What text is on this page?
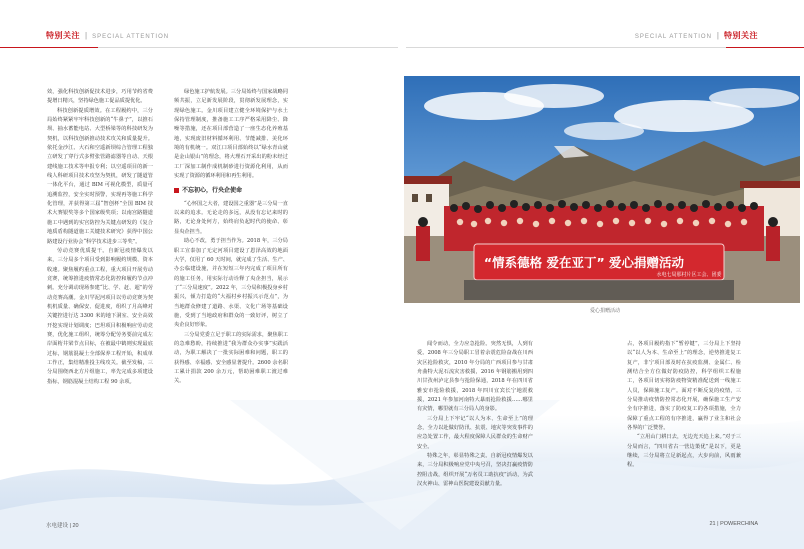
特别关注 | SPECIAL ATTENTION	SPECIAL ATTENTION | 特别关注

效，强化科技创新促技术进步，巧用节约省费提增日精兴，坚持绿色施工促品质提优化。

科技创新提质增效。在工程履约中，三分局始终紧紧牢牢科技创新的“牛鼻子”，以推石坝、抽水蓄能电站、大型桥梁等的科技研发为契机，以科技创新推动技术攻关和质量提升。依托金沙江、大石和空遥新坝综合管理工程独立研发了穿行式多臂张管路滤器等自动、天根建线施工技术等申报专利；以空遥项目的新一线人科研项目技术攻坚为契机，研发了隧道管一体化平台，通过 BIM 可视化模型，质量可追溯监控，安全实时预警，实现再等施工科学化管理，并获得第三届“智创杯”全国 BIM 技术大赛银奖等多个国家级奖项；以南宫路隧道施工中遇到的实宫防控为关键点研发的《复合地质盾构隧道施工关键技术研究》获得中国公路建设行业协会“科学技术进步三等奖”。

劳动竞赛优质提干。自新冠疫情爆发以来，三分局多个项目受到影响履约规模、资本收速。聚焦履约重点工程，重大项目开展劳动竞赛，统筹推进疫情常态化防控和履约节点冲刺。充分调动现场参建“比、学、赶、超”的劳动竞赛高潮。金川罕泥河项目以劳动竞赛为契机机质量、确保安、促进度，组织了月高峰对关键控进行达 3300 米的地下洞室、安全高效开挖实现计划调度；巴坦项目积极响应劳动竞赛，优化施工组织，统筹分配劳务要前完成左岸面桁井梁节点目标，在被最中鹤则实现最底过标，钢筋混凝土全部保养工程开始，积成单工作正，集结精准投主线攻关。截至发稿，三分局围绕西北方片组施工，率先完成多项建设指标，钢筋混凝土结构工程 90 余项。

绿色施工护航发展。三分局始终与国家战略同频共振，立足新发展阶段，贯彻新发展理念，实现绿色施工。金川项目建立健全环境保护与水土保持管理制度，推备施工工序严格采用降尘、降噪等措施，还在项目部营造了一座生态化养殖基地，实现废旧材料循环利用、节能减排、美化环境的有机统一。双江口项目部始终以“绿水青山就是金山银山”的理念，将大理石开采出的粉末经过工厂深加工制作成机制砂进行资源化利用，从而实现了资源的循环利用和再生利用。

不忘初心，行央企使命

“心怀国之大者，建设国之重器”是三分局一直以来的追求。无论走的多远，从没有忘记来时的路，无论身处何方，始终肩负起时代的使命、彰显央企担当。

助心不改，勇于担当作为。2018 年，三分局职工宣泰加了无定河项目建设了恩泽高效的地面大学，仅用了 60 天时间，就完成了生活、生产、办公临建设施，并在短短三年内完成了项目所有的施工任务，用实际行动诠释了央企担当，展示了“三分局速度”。2022 年，三分局积极投身乡村振兴，倾力打造的“大福村乡村振兴示范点”，为当地群众修建了道路、水渠、文化广场等基础设施，受到了当地政府和群众的一致好评，树立了央企良好形象。

三分局党委立足于职工的实际需求，聚焦职工的急难愁盼，持续推进“我为群众办实事”实践活动，为职工解决了一批实际困难和问题，职工的获得感、幸福感、安全感显著提升。2600 余名职工累计捐款 200 余万元，帮助困难职工渡过难关。

“情系德格 爱在亚丁” 爱心捐赠活动
水电七局那村片区工会、团委
爱心捐赠活动

闻令而动，全力应急抢险。突然无惧，人到有爱。2008 年三分局职工冒着余震危险奋战在川西灾区抢险救灾，2010 年分局的广西项目参与甘肃舟曲特大泥石流灾害救援，2016 年钢筋搬用到四川甘孜州泸定县参与抢险保通，2018 年在四川省雅安市抢险救援，2018 年四川宜宾长宁地震救援，2021 年参加河南特大暴雨抢险救援……哪里有灾情，哪里就有三分局人的身影。

三分局上下牢记“以人为本、生命至上”的理念，全力以赴做好防汛、抗震、地灾等突发事件的应急处置工作，最大程度保障人民群众的生命财产安全。

特殊之年，彰显特殊之责。自新冠疫情爆发以来，三分局积极响应党中央号召，坚决打赢疫情防控阻击战，组织开展“万名员工助抗疫”活动，为武汉火神山、雷神山医院建设贡献力量。

占，各项目履约指下“暂停键”，三分局上下坚持以“以人为本、生命至上”的理念，逆势推进复工复产，非宁项目部及时在抗疫监测、金属仁、检测结合全方位做好防疫防控，科学组织工程施工，各项目切实将防疫物资精准配送到一线施工人员，保障施工复产。面对不断反复的疫情，三分局推动疫情防控常态化开展，确保施工生产安全有序推进，落实了防疫复工的各项措施，全力保障了重点工程的有序推进，赢得了业主和社会各界的广泛赞誉。

“立用山门耕日去，无边光天追上来。”对于三分局而言，“四川省古一营边策优”是以下，更是继续，三分局将立足新起点，大步向前，风雨兼程。

水电建设 | 20	21 | POWERCHINA
